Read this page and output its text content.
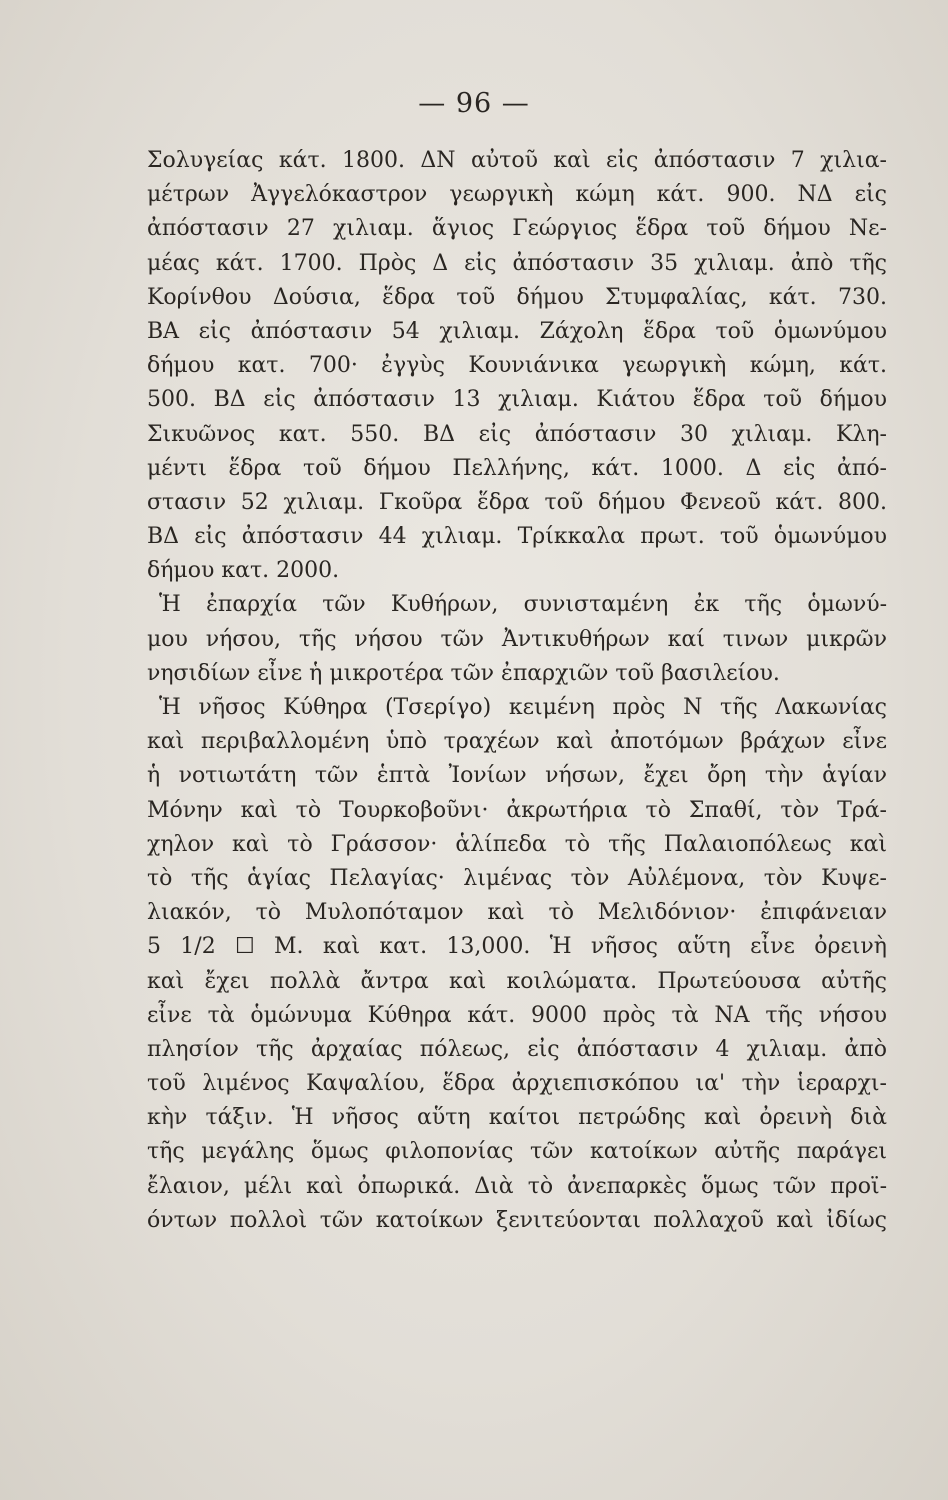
— 96 —
Σολυγείας κάτ. 1800. ΔΝ αὐτοῦ καὶ εἰς ἀπόστασιν 7 χιλια-
μέτρων Ἀγγελόκαστρον γεωργικὴ κώμη κάτ. 900. ΝΔ εἰς
ἀπόστασιν 27 χιλιαμ. ἅγιος Γεώργιος ἕδρα τοῦ δήμου Νε-
μέας κάτ. 1700. Πρὸς Δ εἰς ἀπόστασιν 35 χιλιαμ. ἀπὸ τῆς
Κορίνθου Δούσια, ἕδρα τοῦ δήμου Στυμφαλίας, κάτ. 730.
ΒΑ εἰς ἀπόστασιν 54 χιλιαμ. Ζάχολη ἕδρα τοῦ ὁμωνύμου
δήμου κατ. 700· ἐγγὺς Κουνιάνικα γεωργικὴ κώμη, κάτ.
500. ΒΔ εἰς ἀπόστασιν 13 χιλιαμ. Κιάτου ἕδρα τοῦ δήμου
Σικυῶνος κατ. 550. ΒΔ εἰς ἀπόστασιν 30 χιλιαμ. Κλη-
μέντι ἕδρα τοῦ δήμου Πελλήνης, κάτ. 1000. Δ εἰς ἀπό-
στασιν 52 χιλιαμ. Γκοῦρα ἕδρα τοῦ δήμου Φενεοῦ κάτ. 800.
ΒΔ εἰς ἀπόστασιν 44 χιλιαμ. Τρίκκαλα πρωτ. τοῦ ὁμωνύμου
δήμου κατ. 2000.
Ἡ ἐπαρχία τῶν Κυθήρων, συνισταμένη ἐκ τῆς ὁμωνύ-
μου νήσου, τῆς νήσου τῶν Ἀντικυθήρων καί τινων μικρῶν
νησιδίων εἶνε ἡ μικροτέρα τῶν ἐπαρχιῶν τοῦ βασιλείου.
Ἡ νῆσος Κύθηρα (Τσερίγο) κειμένη πρὸς Ν τῆς Λακωνίας
καὶ περιβαλλομένη ὑπὸ τραχέων καὶ ἀποτόμων βράχων εἶνε
ἡ νοτιωτάτη τῶν ἑπτὰ Ἰονίων νήσων, ἔχει ὄρη τὴν ἁγίαν
Μόνην καὶ τὸ Τουρκοβοῦνι· ἀκρωτήρια τὸ Σπαθί, τὸν Τρά-
χηλον καὶ τὸ Γράσσον· ἁλίπεδα τὸ τῆς Παλαιοπόλεως καὶ
τὸ τῆς ἁγίας Πελαγίας· λιμένας τὸν Αὐλέμονα, τὸν Κυψε-
λιακόν, τὸ Μυλοπόταμον καὶ τὸ Μελιδόνιον· ἐπιφάνειαν
5 1/2 ☐ Μ. καὶ κατ. 13,000. Ἡ νῆσος αὕτη εἶνε ὀρεινὴ
καὶ ἔχει πολλὰ ἄντρα καὶ κοιλώματα. Πρωτεύουσα αὐτῆς
εἶνε τὰ ὁμώνυμα Κύθηρα κάτ. 9000 πρὸς τὰ ΝΑ τῆς νήσου
πλησίον τῆς ἀρχαίας πόλεως, εἰς ἀπόστασιν 4 χιλιαμ. ἀπὸ
τοῦ λιμένος Καψαλίου, ἕδρα ἀρχιεπισκόπου ια' τὴν ἱεραρχι-
κὴν τάξιν. Ἡ νῆσος αὕτη καίτοι πετρώδης καὶ ὀρεινὴ διὰ
τῆς μεγάλης ὅμως φιλοπονίας τῶν κατοίκων αὐτῆς παράγει
ἔλαιον, μέλι καὶ ὀπωρικά. Διὰ τὸ ἀνεπαρκὲς ὅμως τῶν προϊ-
όντων πολλοὶ τῶν κατοίκων ξενιτεύονται πολλαχοῦ καὶ ἰδίως
